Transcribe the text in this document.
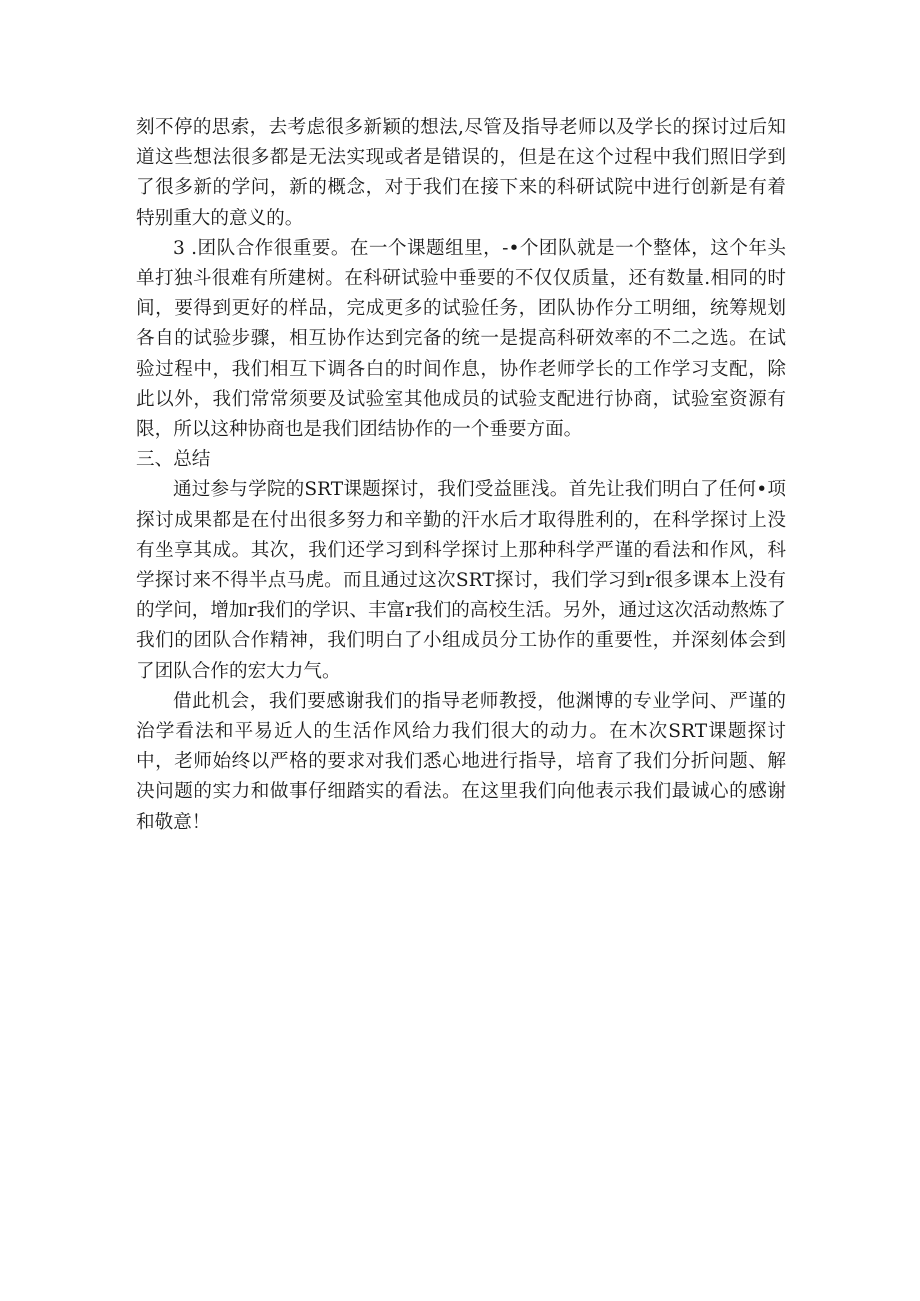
刻不停的思索，去考虑很多新颖的想法,尽管及指导老师以及学长的探讨过后知道这些想法很多都是无法实现或者是错误的，但是在这个过程中我们照旧学到了很多新的学问，新的概念，对于我们在接下来的科研试院中进行创新是有着特别重大的意义的。

3 .团队合作很重要。在一个课题组里，-•个团队就是一个整体，这个年头单打独斗很难有所建树。在科研试验中垂要的不仅仅质量，还有数量.相同的时间，要得到更好的样品，完成更多的试验任务，团队协作分工明细，统筹规划各自的试验步骤，相互协作达到完备的统一是提高科研效率的不二之选。在试验过程中，我们相互下调各白的时间作息，协作老师学长的工作学习支配，除此以外，我们常常须要及试验室其他成员的试验支配进行协商，试验室资源有限，所以这种协商也是我们团结协作的一个垂要方面。

三、总结

通过参与学院的SRT课题探讨，我们受益匪浅。首先让我们明白了任何•项探讨成果都是在付出很多努力和辛勤的汗水后才取得胜利的，在科学探讨上没有坐享其成。其次，我们还学习到科学探讨上那种科学严谨的看法和作风，科学探讨来不得半点马虎。而且通过这次SRT探讨，我们学习到r很多课本上没有的学问，增加r我们的学识、丰富r我们的高校生活。另外，通过这次活动熬炼了我们的团队合作精神，我们明白了小组成员分工协作的重要性，并深刻体会到了团队合作的宏大力气。

借此机会，我们要感谢我们的指导老师教授，他渊博的专业学问、严谨的治学看法和平易近人的生活作风给力我们很大的动力。在木次SRT课题探讨中，老师始终以严格的要求对我们悉心地进行指导，培育了我们分折问题、解决问题的实力和做事仔细踏实的看法。在这里我们向他表示我们最诚心的感谢和敬意！
